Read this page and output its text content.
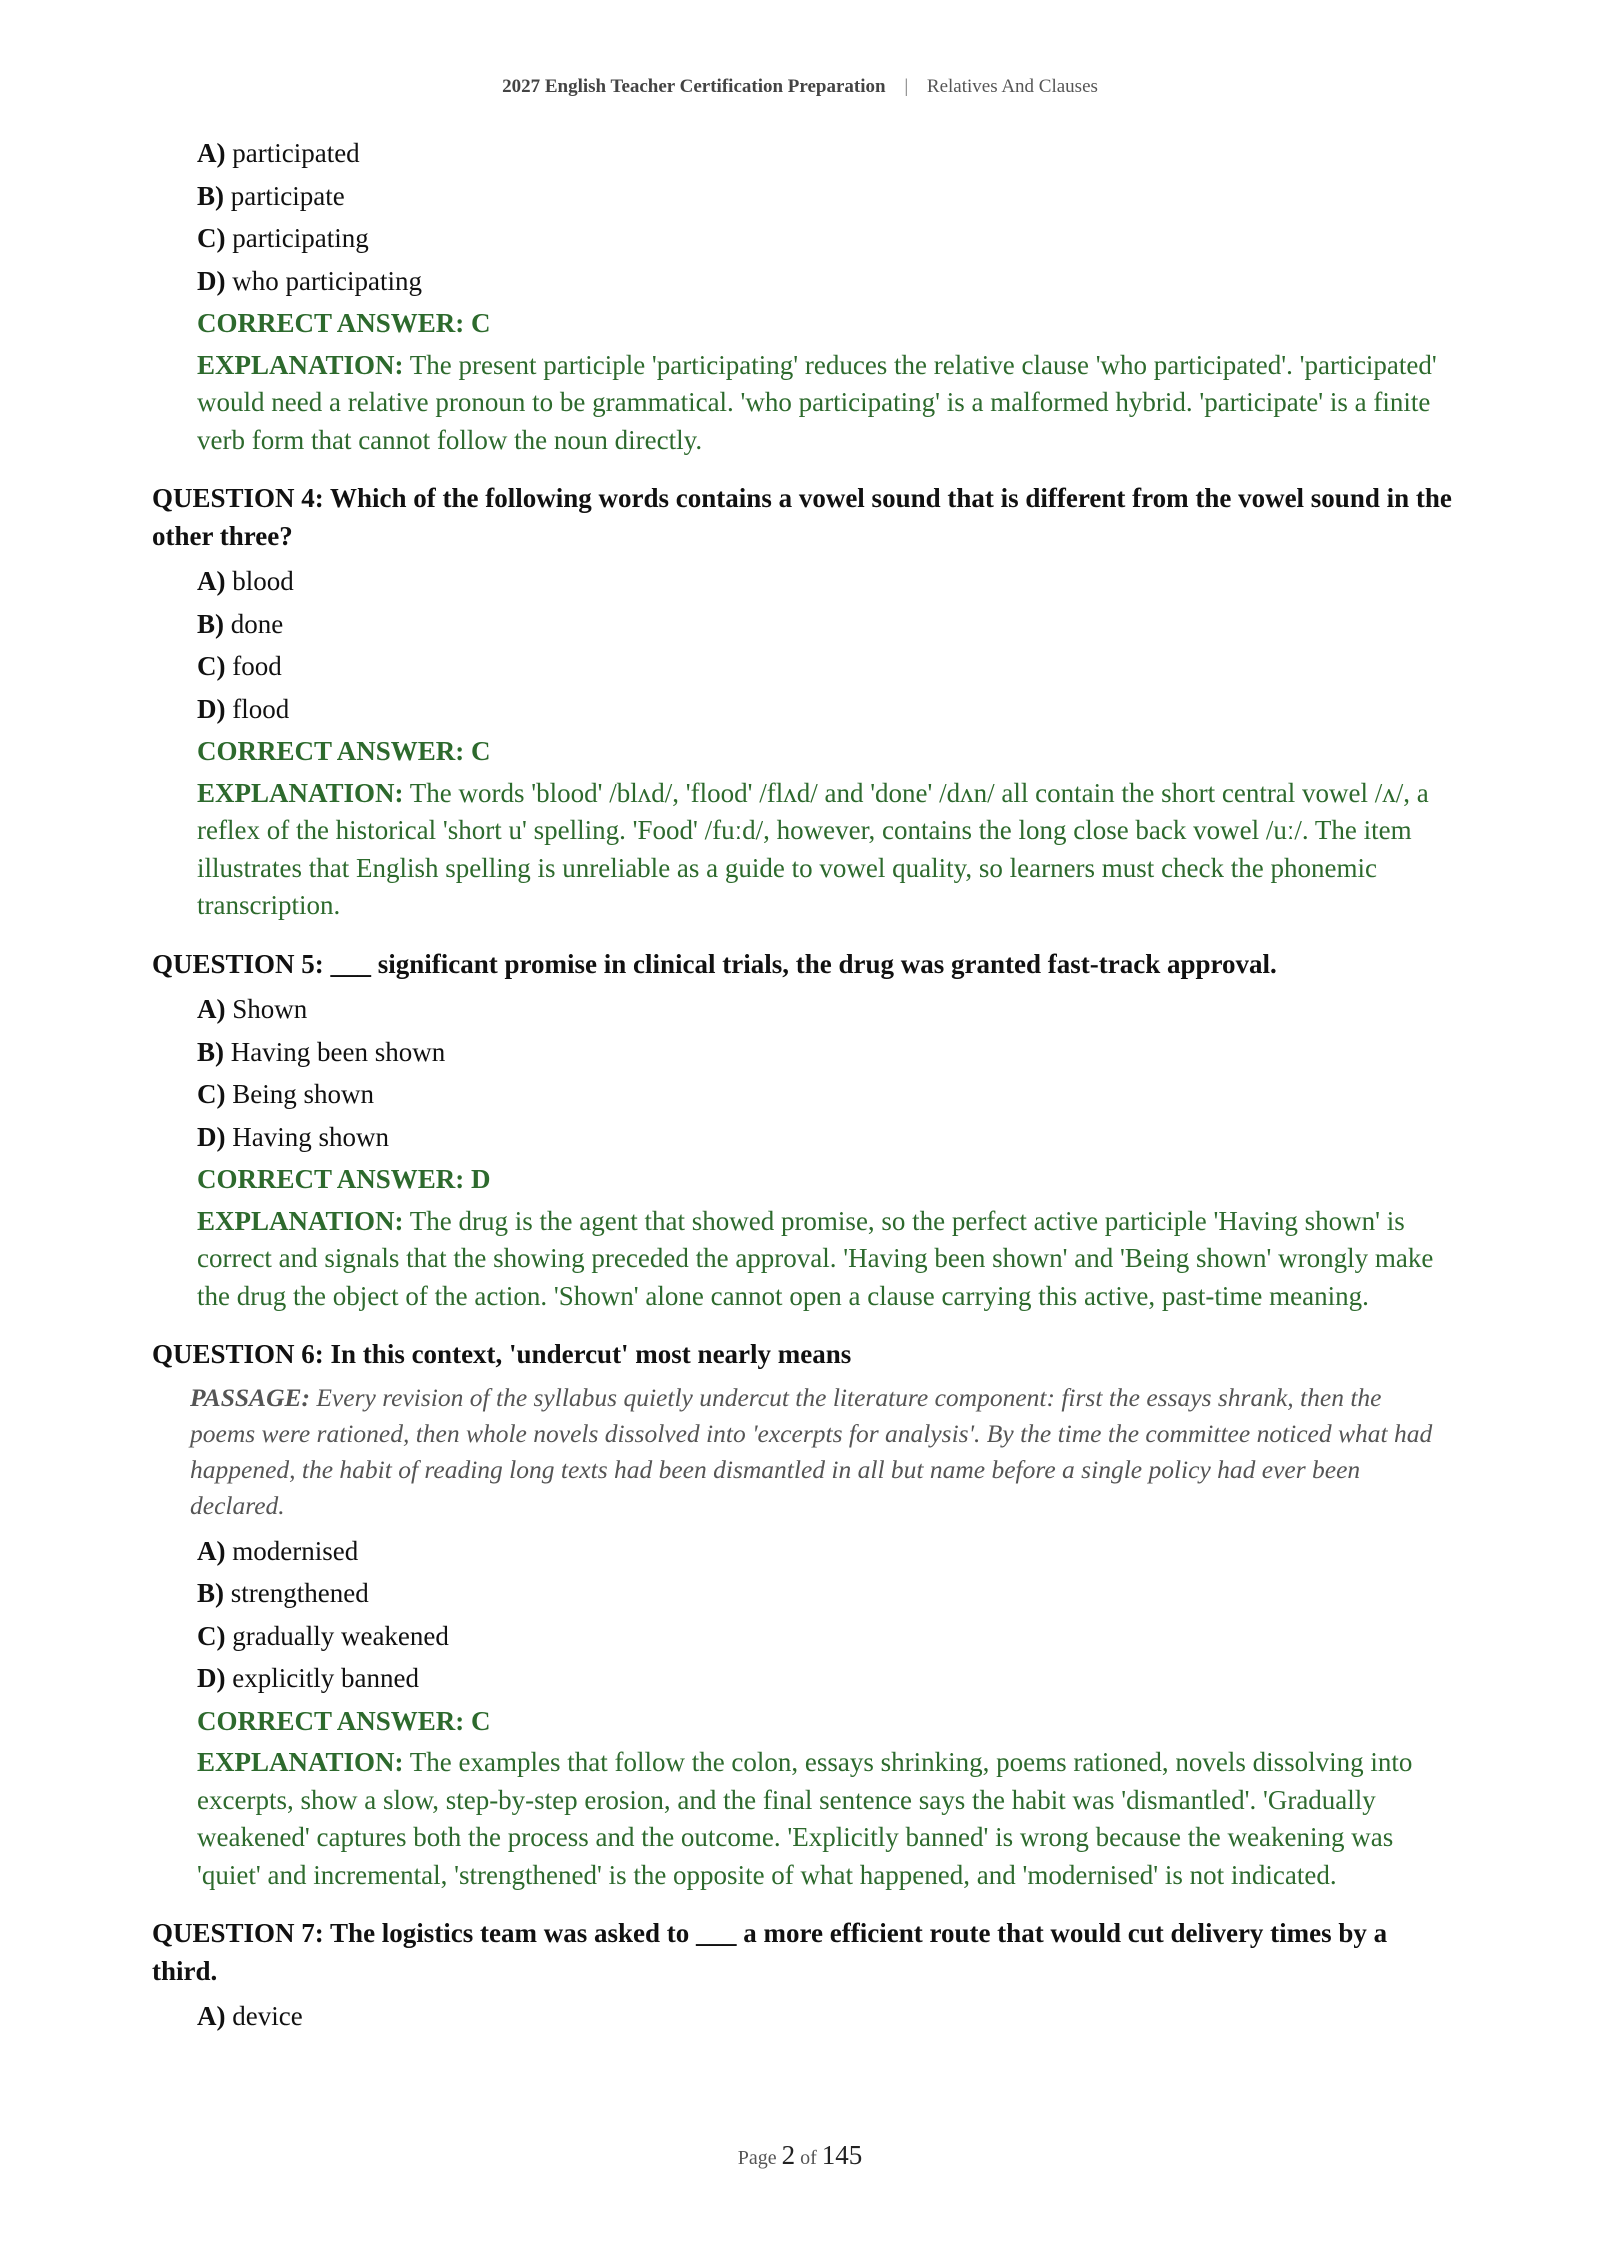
2027 English Teacher Certification Preparation | Relatives And Clauses
A) participated
B) participate
C) participating
D) who participating
CORRECT ANSWER: C
EXPLANATION: The present participle 'participating' reduces the relative clause 'who participated'. 'participated' would need a relative pronoun to be grammatical. 'who participating' is a malformed hybrid. 'participate' is a finite verb form that cannot follow the noun directly.
QUESTION 4: Which of the following words contains a vowel sound that is different from the vowel sound in the other three?
A) blood
B) done
C) food
D) flood
CORRECT ANSWER: C
EXPLANATION: The words 'blood' /blʌd/, 'flood' /flʌd/ and 'done' /dʌn/ all contain the short central vowel /ʌ/, a reflex of the historical 'short u' spelling. 'Food' /fuːd/, however, contains the long close back vowel /uː/. The item illustrates that English spelling is unreliable as a guide to vowel quality, so learners must check the phonemic transcription.
QUESTION 5: ___ significant promise in clinical trials, the drug was granted fast-track approval.
A) Shown
B) Having been shown
C) Being shown
D) Having shown
CORRECT ANSWER: D
EXPLANATION: The drug is the agent that showed promise, so the perfect active participle 'Having shown' is correct and signals that the showing preceded the approval. 'Having been shown' and 'Being shown' wrongly make the drug the object of the action. 'Shown' alone cannot open a clause carrying this active, past-time meaning.
QUESTION 6: In this context, 'undercut' most nearly means
PASSAGE: Every revision of the syllabus quietly undercut the literature component: first the essays shrank, then the poems were rationed, then whole novels dissolved into 'excerpts for analysis'. By the time the committee noticed what had happened, the habit of reading long texts had been dismantled in all but name before a single policy had ever been declared.
A) modernised
B) strengthened
C) gradually weakened
D) explicitly banned
CORRECT ANSWER: C
EXPLANATION: The examples that follow the colon, essays shrinking, poems rationed, novels dissolving into excerpts, show a slow, step-by-step erosion, and the final sentence says the habit was 'dismantled'. 'Gradually weakened' captures both the process and the outcome. 'Explicitly banned' is wrong because the weakening was 'quiet' and incremental, 'strengthened' is the opposite of what happened, and 'modernised' is not indicated.
QUESTION 7: The logistics team was asked to ___ a more efficient route that would cut delivery times by a third.
A) device
Page 2 of 145
